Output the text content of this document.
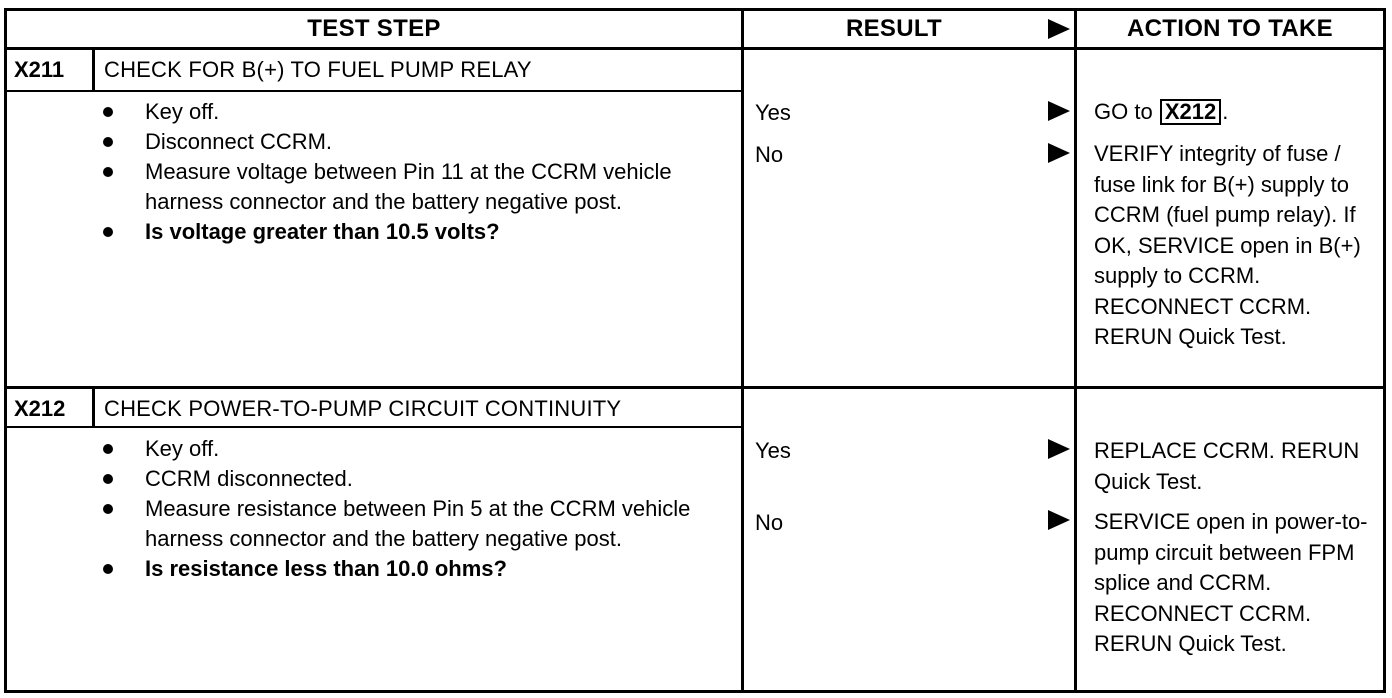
TEST STEP	RESULT	ACTION TO TAKE
X211 CHECK FOR B(+) TO FUEL PUMP RELAY
Key off.
Disconnect CCRM.
Measure voltage between Pin 11 at the CCRM vehicle harness connector and the battery negative post.
Is voltage greater than 10.5 volts?
Yes	GO to X212 .
No	VERIFY integrity of fuse / fuse link for B(+) supply to CCRM (fuel pump relay). If OK, SERVICE open in B(+) supply to CCRM. RECONNECT CCRM. RERUN Quick Test.
X212 CHECK POWER-TO-PUMP CIRCUIT CONTINUITY
Key off.
CCRM disconnected.
Measure resistance between Pin 5 at the CCRM vehicle harness connector and the battery negative post.
Is resistance less than 10.0 ohms?
Yes	REPLACE CCRM. RERUN Quick Test.
No	SERVICE open in power-to-pump circuit between FPM splice and CCRM. RECONNECT CCRM. RERUN Quick Test.
